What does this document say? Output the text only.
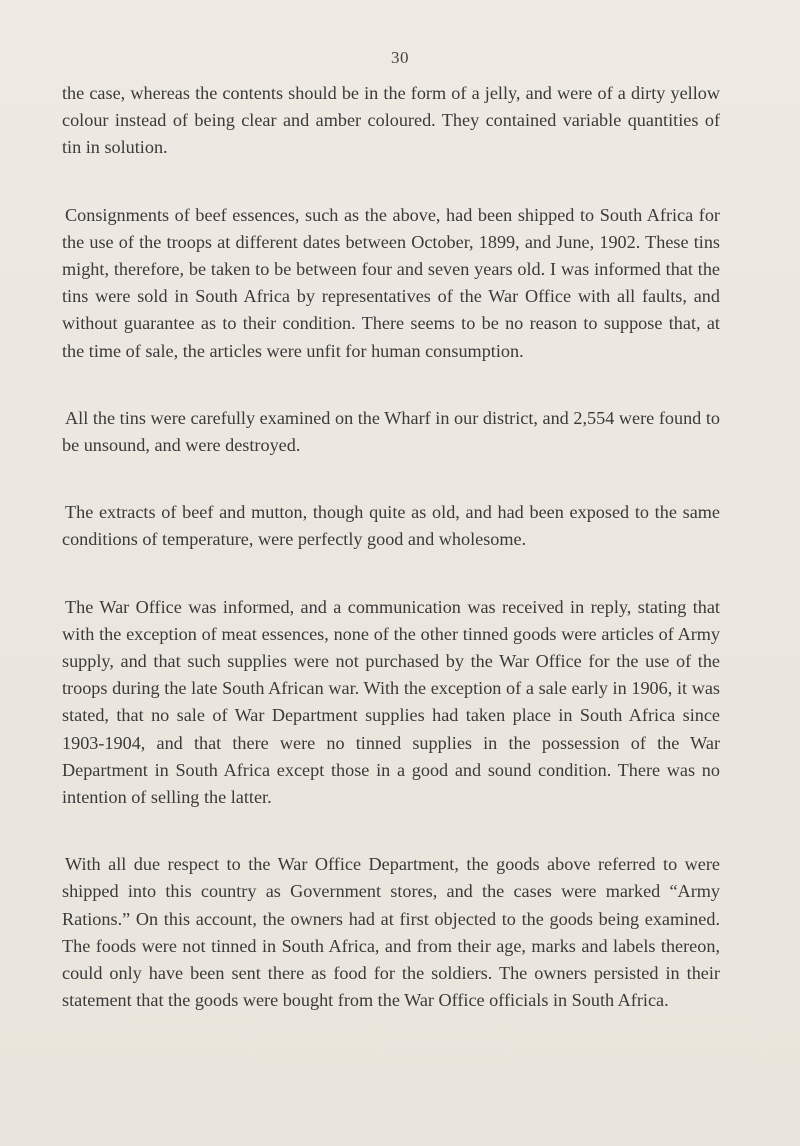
30

the case, whereas the contents should be in the form of a jelly, and were of a dirty yellow colour instead of being clear and amber coloured. They contained variable quantities of tin in solution.

Consignments of beef essences, such as the above, had been shipped to South Africa for the use of the troops at different dates between October, 1899, and June, 1902. These tins might, therefore, be taken to be between four and seven years old. I was informed that the tins were sold in South Africa by representatives of the War Office with all faults, and without guarantee as to their condition. There seems to be no reason to suppose that, at the time of sale, the articles were unfit for human consumption.

All the tins were carefully examined on the Wharf in our district, and 2,554 were found to be unsound, and were destroyed.

The extracts of beef and mutton, though quite as old, and had been exposed to the same conditions of temperature, were perfectly good and wholesome.

The War Office was informed, and a communication was received in reply, stating that with the exception of meat essences, none of the other tinned goods were articles of Army supply, and that such supplies were not purchased by the War Office for the use of the troops during the late South African war. With the exception of a sale early in 1906, it was stated, that no sale of War Department supplies had taken place in South Africa since 1903-1904, and that there were no tinned supplies in the possession of the War Department in South Africa except those in a good and sound condition. There was no intention of selling the latter.

With all due respect to the War Office Department, the goods above referred to were shipped into this country as Government stores, and the cases were marked “Army Rations.” On this account, the owners had at first objected to the goods being examined. The foods were not tinned in South Africa, and from their age, marks and labels thereon, could only have been sent there as food for the soldiers. The owners persisted in their statement that the goods were bought from the War Office officials in South Africa.
